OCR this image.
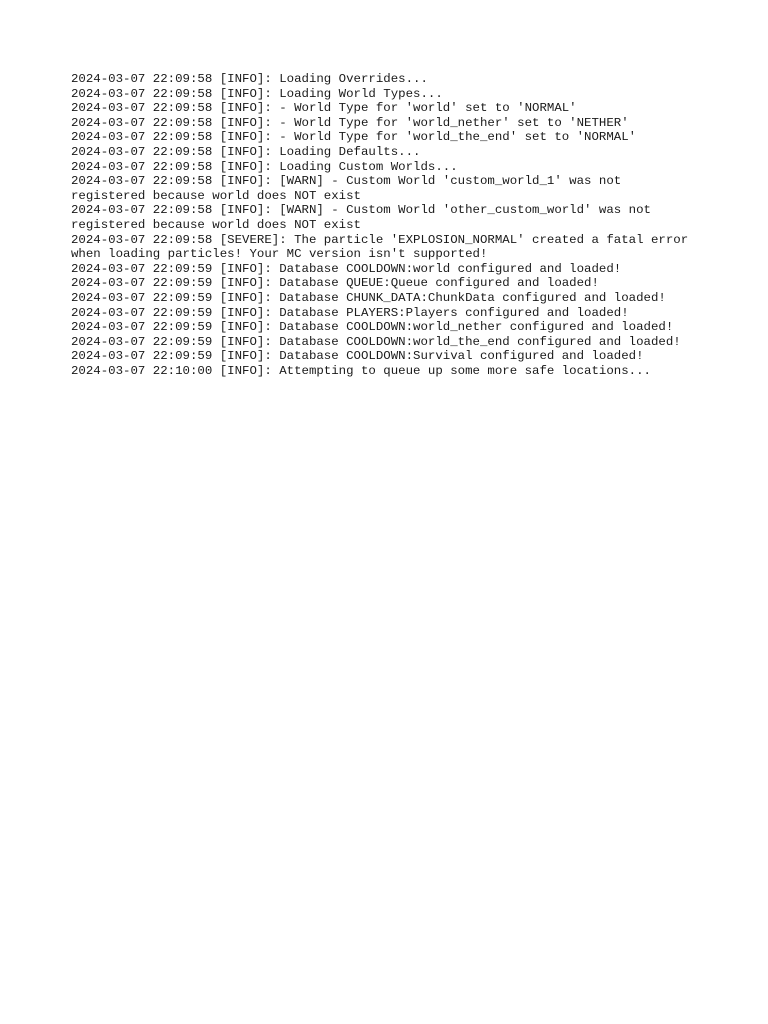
2024-03-07 22:09:58 [INFO]: Loading Overrides...
2024-03-07 22:09:58 [INFO]: Loading World Types...
2024-03-07 22:09:58 [INFO]: - World Type for 'world' set to 'NORMAL'
2024-03-07 22:09:58 [INFO]: - World Type for 'world_nether' set to 'NETHER'
2024-03-07 22:09:58 [INFO]: - World Type for 'world_the_end' set to 'NORMAL'
2024-03-07 22:09:58 [INFO]: Loading Defaults...
2024-03-07 22:09:58 [INFO]: Loading Custom Worlds...
2024-03-07 22:09:58 [INFO]: [WARN] - Custom World 'custom_world_1' was not
registered because world does NOT exist
2024-03-07 22:09:58 [INFO]: [WARN] - Custom World 'other_custom_world' was not
registered because world does NOT exist
2024-03-07 22:09:58 [SEVERE]: The particle 'EXPLOSION_NORMAL' created a fatal error
when loading particles! Your MC version isn't supported!
2024-03-07 22:09:59 [INFO]: Database COOLDOWN:world configured and loaded!
2024-03-07 22:09:59 [INFO]: Database QUEUE:Queue configured and loaded!
2024-03-07 22:09:59 [INFO]: Database CHUNK_DATA:ChunkData configured and loaded!
2024-03-07 22:09:59 [INFO]: Database PLAYERS:Players configured and loaded!
2024-03-07 22:09:59 [INFO]: Database COOLDOWN:world_nether configured and loaded!
2024-03-07 22:09:59 [INFO]: Database COOLDOWN:world_the_end configured and loaded!
2024-03-07 22:09:59 [INFO]: Database COOLDOWN:Survival configured and loaded!
2024-03-07 22:10:00 [INFO]: Attempting to queue up some more safe locations...
